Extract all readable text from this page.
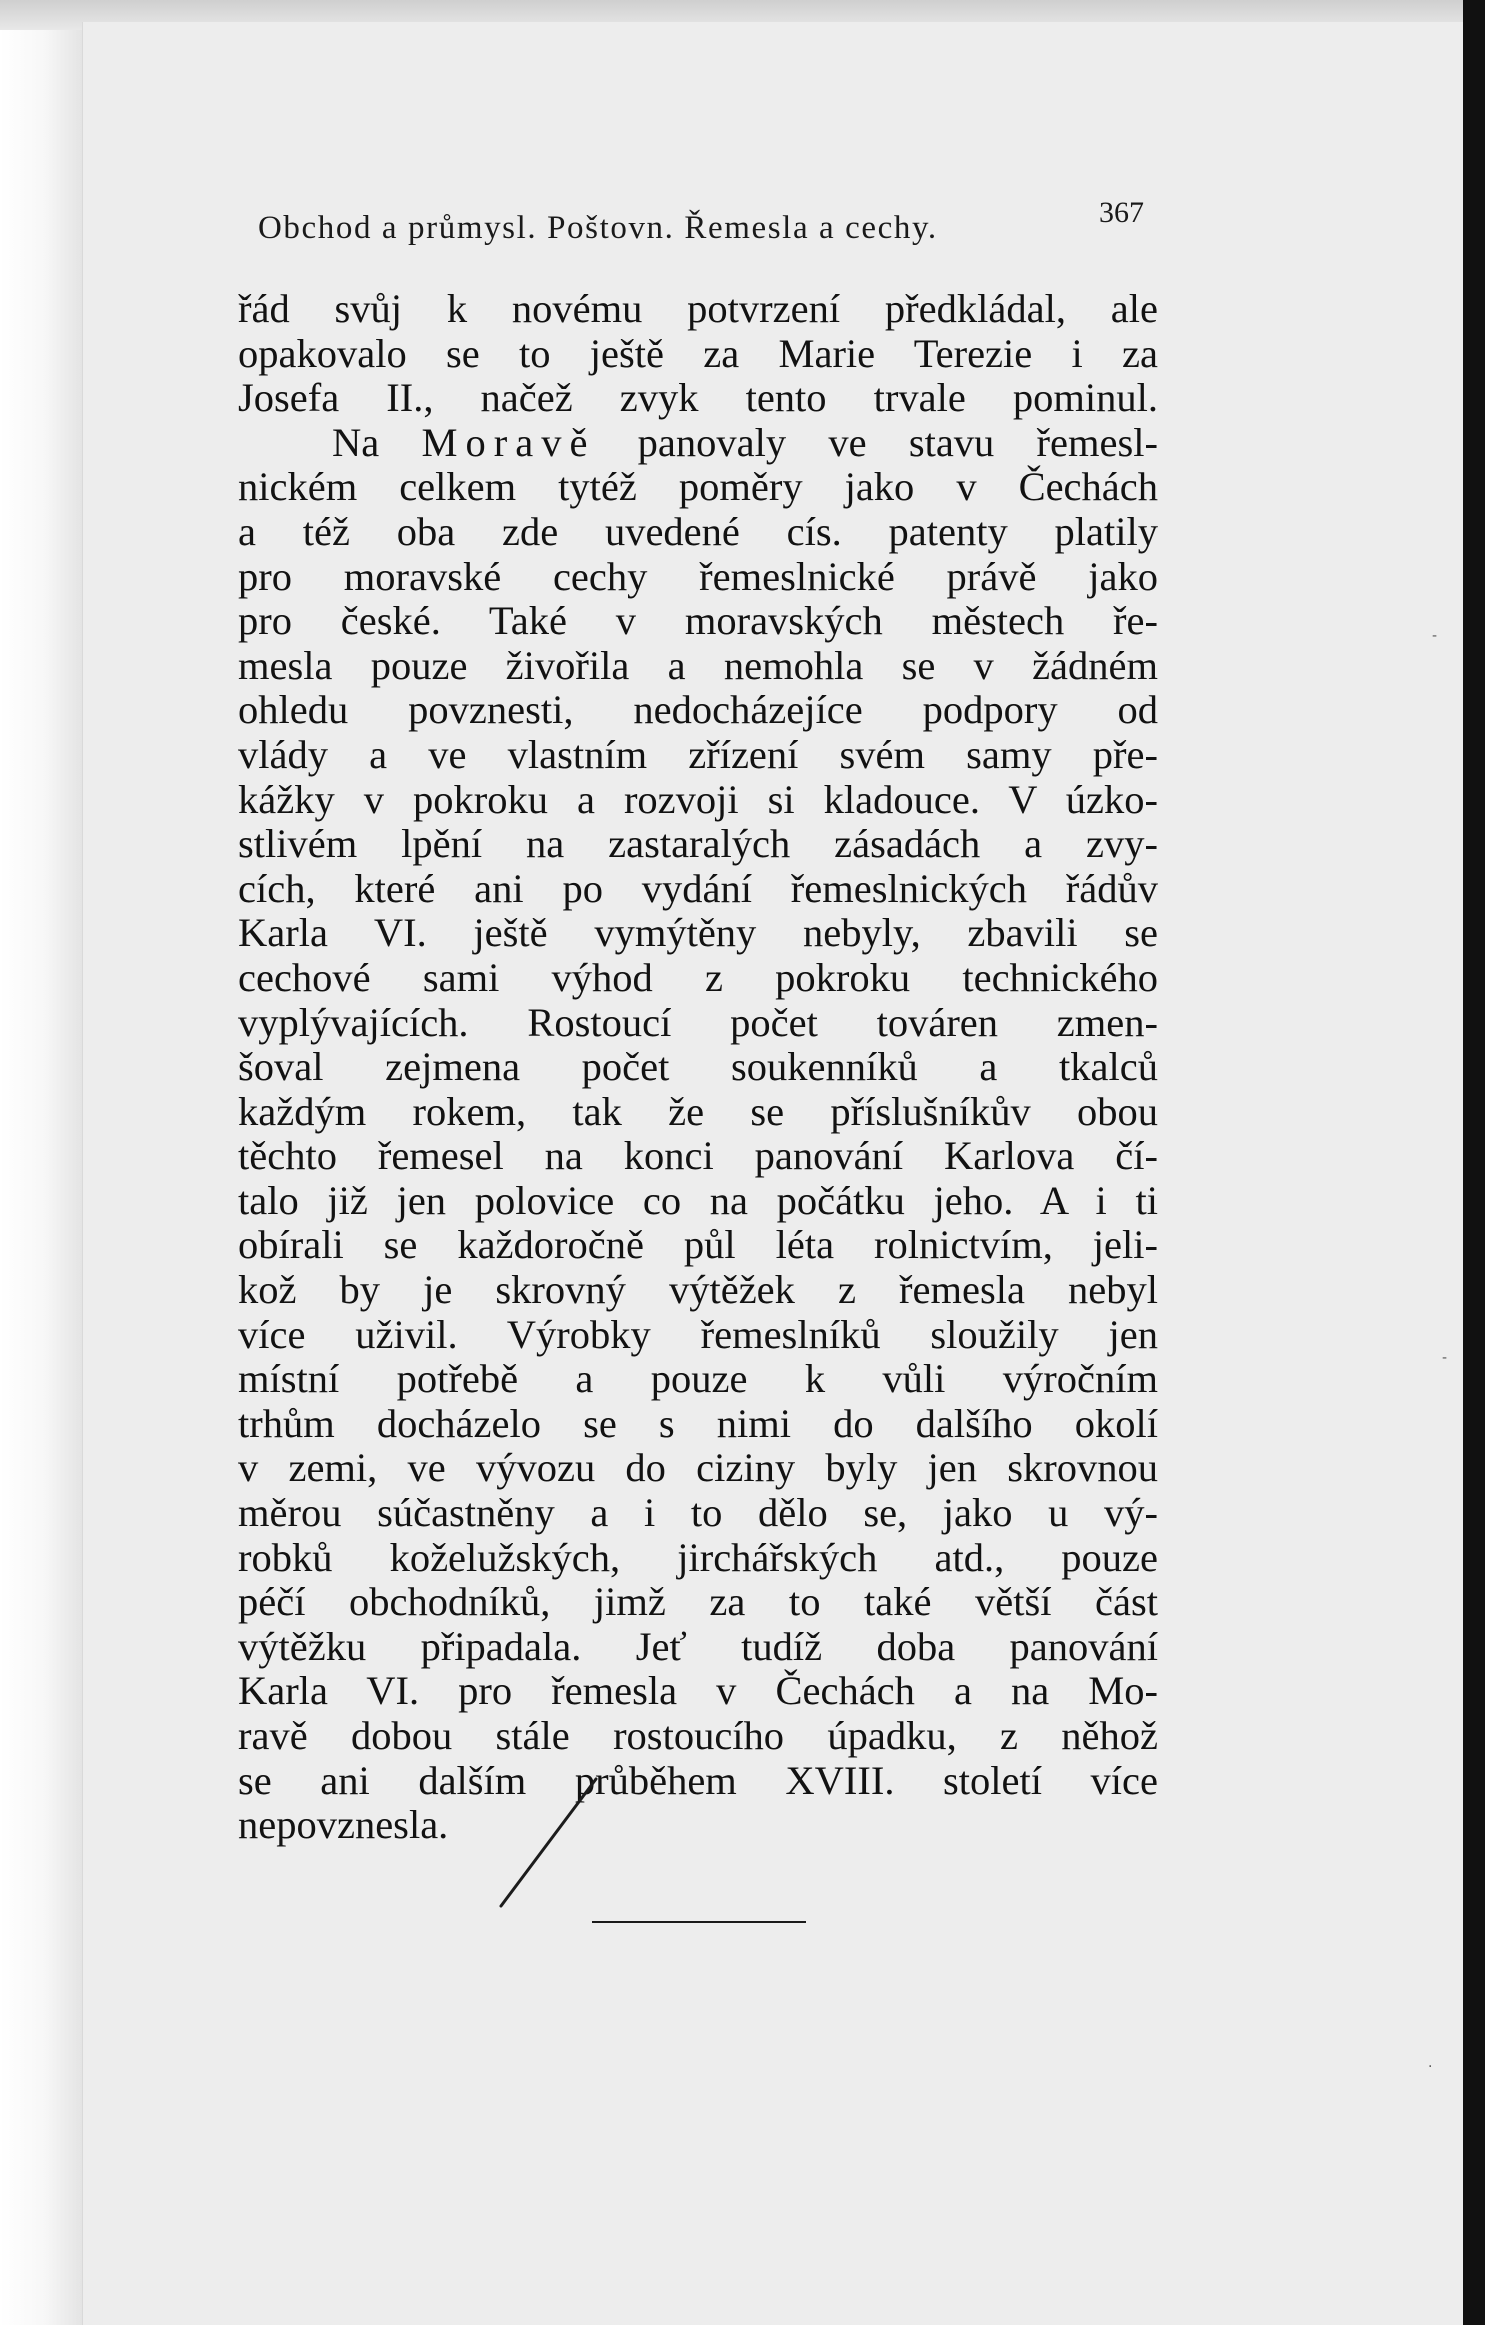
Obchod a průmysl. Poštovn. Řemesla a cechy.	367
řád svůj k novému potvrzení předkládal, ale
opakovalo se to ještě za Marie Terezie i za
Josefa II., načež zvyk tento trvale pominul.
Na Moravě panovaly ve stavu řemesl-
nickém celkem tytéž poměry jako v Čechách
a též oba zde uvedené cís. patenty platily
pro moravské cechy řemeslnické právě jako
pro české. Také v moravských městech ře-
mesla pouze živořila a nemohla se v žádném
ohledu povznesti, nedocházejíce podpory od
vlády a ve vlastním zřízení svém samy pře-
kážky v pokroku a rozvoji si kladouce. V úzko-
stlivém lpění na zastaralých zásadách a zvy-
cích, které ani po vydání řemeslnických řádův
Karla VI. ještě vymýtěny nebyly, zbavili se
cechové sami výhod z pokroku technického
vyplývajících. Rostoucí počet továren zmen-
šoval zejmena počet soukenníků a tkalců
každým rokem, tak že se příslušníkův obou
těchto řemesel na konci panování Karlova čí-
talo již jen polovice co na počátku jeho. A i ti
obírali se každoročně půl léta rolnictvím, jeli-
kož by je skrovný výtěžek z řemesla nebyl
více uživil. Výrobky řemeslníků sloužily jen
místní potřebě a pouze k vůli výročním
trhům docházelo se s nimi do dalšího okolí
v zemi, ve vývozu do ciziny byly jen skrovnou
měrou súčastněny a i to dělo se, jako u vý-
robků koželužských, jirchářských atd., pouze
péčí obchodníků, jimž za to také větší část
výtěžku připadala. Jeť tudíž doba panování
Karla VI. pro řemesla v Čechách a na Mo-
ravě dobou stále rostoucího úpadku, z něhož
se ani dalším průběhem XVIII. století více
nepovznesla.
-
-
.
